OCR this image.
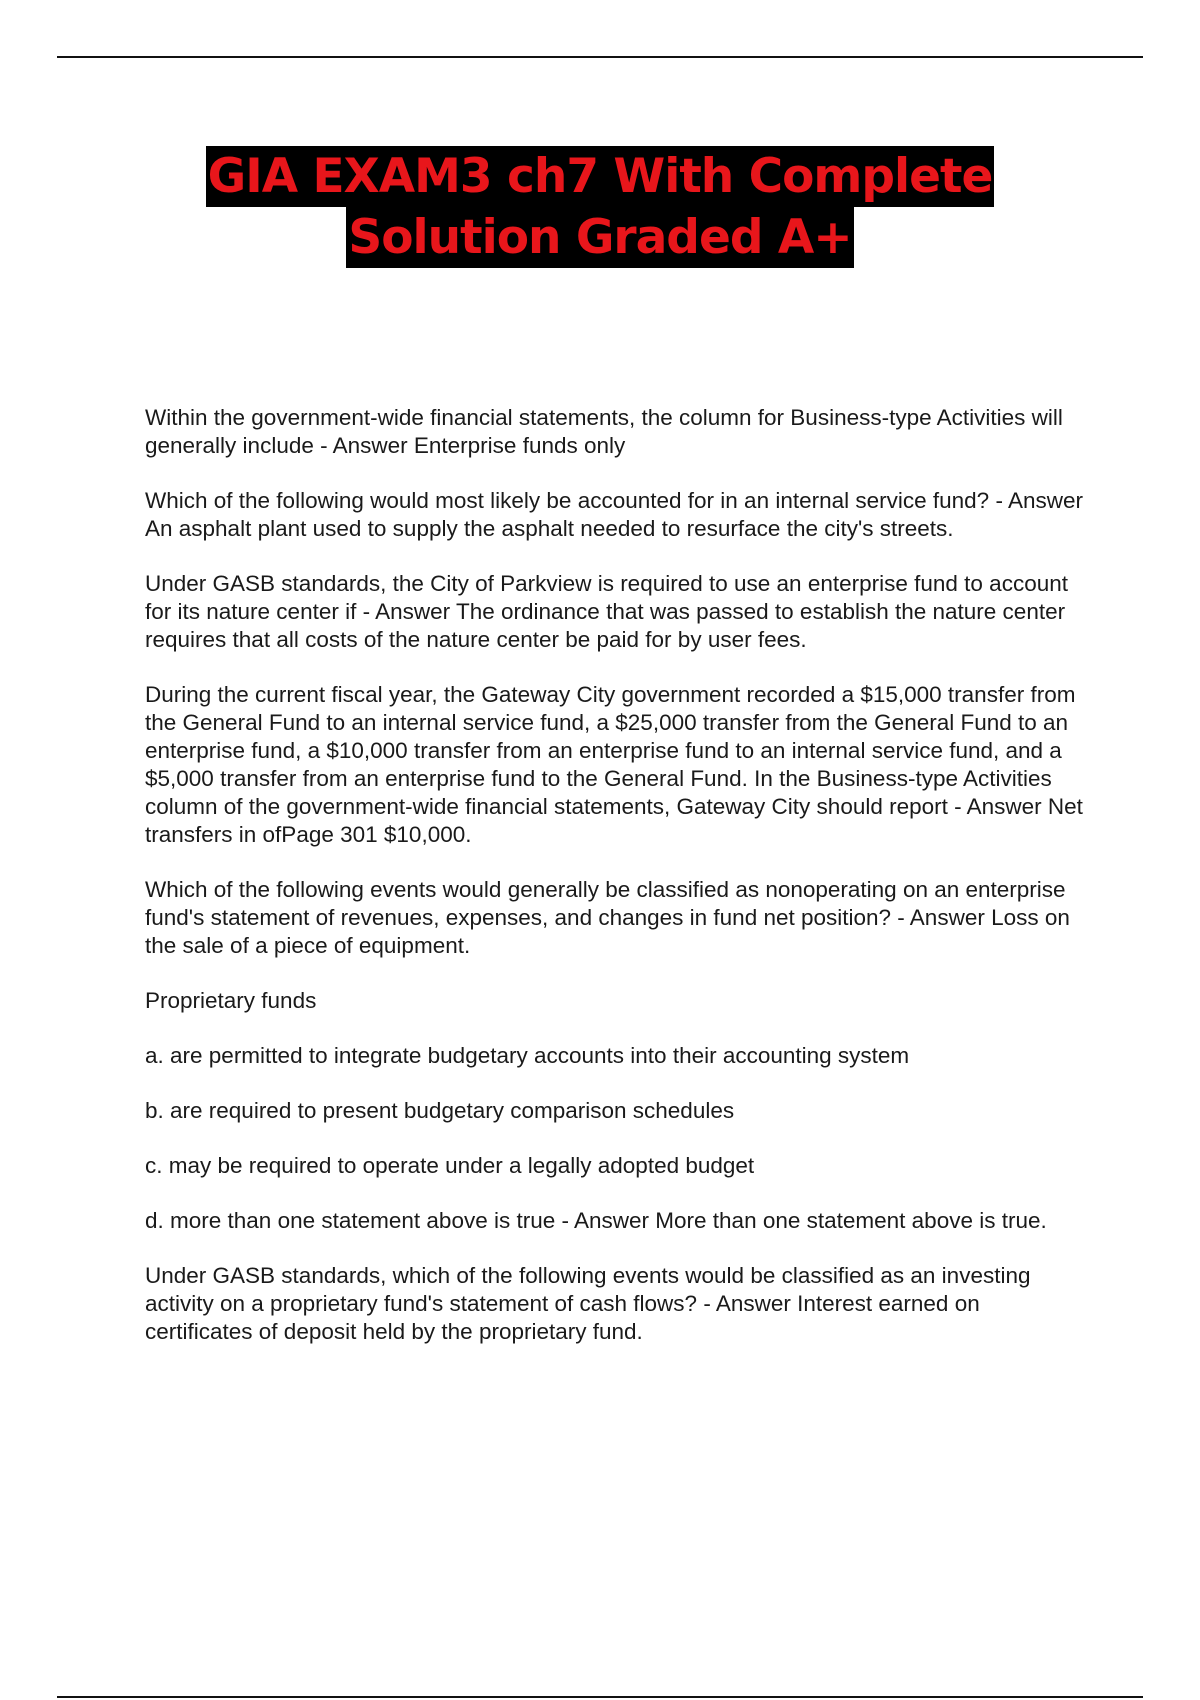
GIA EXAM3 ch7 With Complete
Solution Graded A+

Within the government-wide financial statements, the column for Business-type Activities will generally include - Answer Enterprise funds only

Which of the following would most likely be accounted for in an internal service fund? - Answer An asphalt plant used to supply the asphalt needed to resurface the city's streets.

Under GASB standards, the City of Parkview is required to use an enterprise fund to account for its nature center if - Answer The ordinance that was passed to establish the nature center requires that all costs of the nature center be paid for by user fees.

During the current fiscal year, the Gateway City government recorded a $15,000 transfer from the General Fund to an internal service fund, a $25,000 transfer from the General Fund to an enterprise fund, a $10,000 transfer from an enterprise fund to an internal service fund, and a $5,000 transfer from an enterprise fund to the General Fund. In the Business-type Activities column of the government-wide financial statements, Gateway City should report - Answer Net transfers in ofPage 301 $10,000.

Which of the following events would generally be classified as nonoperating on an enterprise fund's statement of revenues, expenses, and changes in fund net position? - Answer Loss on the sale of a piece of equipment.

Proprietary funds

a. are permitted to integrate budgetary accounts into their accounting system

b. are required to present budgetary comparison schedules

c. may be required to operate under a legally adopted budget

d. more than one statement above is true - Answer More than one statement above is true.

Under GASB standards, which of the following events would be classified as an investing activity on a proprietary fund's statement of cash flows? - Answer Interest earned on certificates of deposit held by the proprietary fund.
